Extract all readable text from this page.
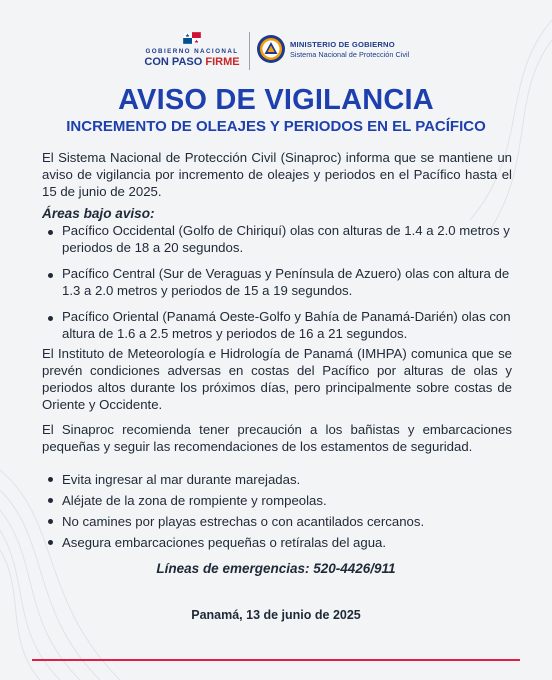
GOBIERNO NACIONAL
CON PASO FIRME
MINISTERIO DE GOBIERNO
Sistema Nacional de Protección Civil
AVISO DE VIGILANCIA
INCREMENTO DE OLEAJES Y PERIODOS EN EL PACÍFICO
El Sistema Nacional de Protección Civil (Sinaproc) informa que se mantiene un aviso de vigilancia por incremento de oleajes y periodos en el Pacífico hasta el 15 de junio de 2025.
Áreas bajo aviso:
Pacífico Occidental (Golfo de Chiriquí) olas con alturas de 1.4 a 2.0 metros y periodos de 18 a 20 segundos.
Pacífico Central (Sur de Veraguas y Península de Azuero) olas con altura de 1.3 a 2.0 metros y periodos de 15 a 19 segundos.
Pacífico Oriental (Panamá Oeste-Golfo y Bahía de Panamá-Darién) olas con altura de 1.6 a 2.5 metros y periodos de 16 a 21 segundos.
El Instituto de Meteorología e Hidrología de Panamá (IMHPA) comunica que se prevén condiciones adversas en costas del Pacífico por alturas de olas y periodos altos durante los próximos días, pero principalmente sobre costas de Oriente y Occidente.
El Sinaproc recomienda tener precaución a los bañistas y embarcaciones pequeñas y seguir las recomendaciones de los estamentos de seguridad.
Evita ingresar al mar durante marejadas.
Aléjate de la zona de rompiente y rompeolas.
No camines por playas estrechas o con acantilados cercanos.
Asegura embarcaciones pequeñas o retíralas del agua.
Líneas de emergencias: 520-4426/911
Panamá, 13 de junio de 2025
